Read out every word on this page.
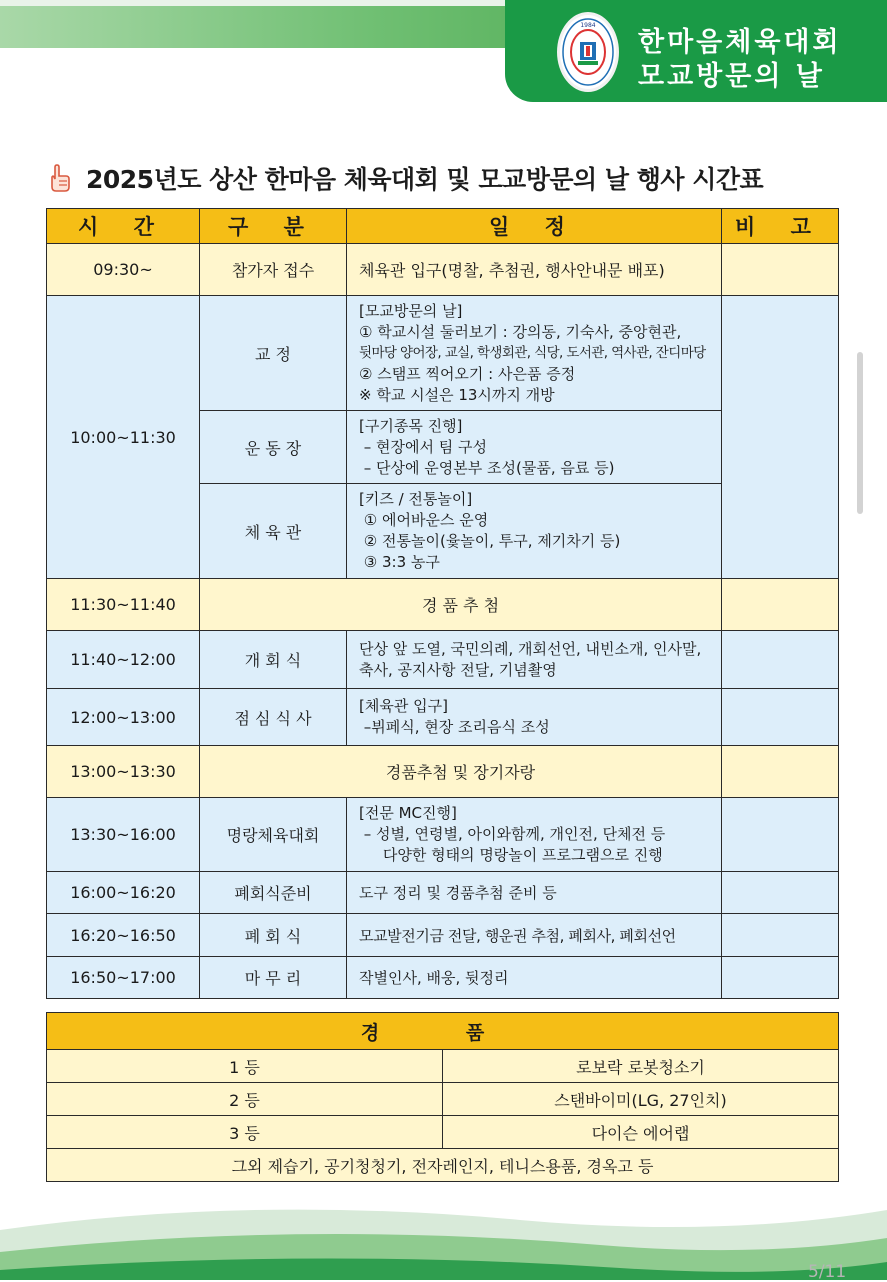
1984
한마음체육대회
모교방문의 날
2025년도 상산 한마음 체육대회 및 모교방문의 날 행사 시간표
시 간	구 분	일 정	비 고
09:30~	참가자 접수	체육관 입구(명찰, 추첨권, 행사안내문 배포)	
10:00~11:30	교 정	[모교방문의 날]
① 학교시설 둘러보기 : 강의동, 기숙사, 중앙현관,
뒷마당 양어장, 교실, 학생회관, 식당, 도서관, 역사관, 잔디마당
② 스탬프 찍어오기 : 사은품 증정
※ 학교 시설은 13시까지 개방	

	운 동 장	[구기종목 진행]
– 현장에서 팀 구성
– 단상에 운영본부 조성(물품, 음료 등)	

	체 육 관	[키즈 / 전통놀이]
① 에어바운스 운영
② 전통놀이(윷놀이, 투구, 제기차기 등)
③ 3:3 농구	

11:30~11:40	경 품 추 첨		
11:40~12:00	개 회 식	단상 앞 도열, 국민의례, 개회선언, 내빈소개, 인사말,
축사, 공지사항 전달, 기념촬영	

12:00~13:00	점 심 식 사	[체육관 입구]
–뷔페식, 현장 조리음식 조성	

13:00~13:30	경품추첨 및 장기자랑		
13:30~16:00	명랑체육대회	[전문 MC진행]
– 성별, 연령별, 아이와함께, 개인전, 단체전 등
다양한 형태의 명랑놀이 프로그램으로 진행	

16:00~16:20	폐회식준비	도구 정리 및 경품추첨 준비 등	
16:20~16:50	폐 회 식	모교발전기금 전달, 행운권 추첨, 폐회사, 폐회선언	
16:50~17:00	마 무 리	작별인사, 배웅, 뒷정리	
경 품	
1 등	로보락 로봇청소기
2 등	스탠바이미(LG, 27인치)
3 등	다이슨 에어랩
그외 제습기, 공기청청기, 전자레인지, 테니스용품, 경옥고 등	
5/11
